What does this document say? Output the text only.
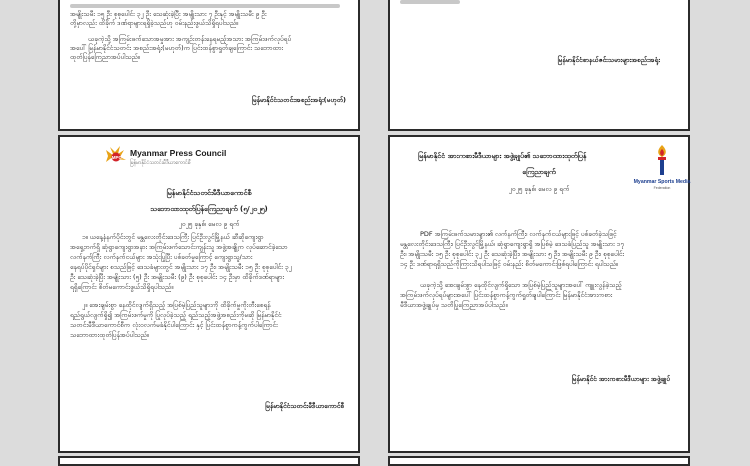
အမျိုးသမီး ၁၅ ဦး စုစုပေါင်း ၃၂ ဦး သေဆုံးခဲ့ပြီး အမျိုးသား ၇ ဦးနှင့် အမျိုးသမီး ၉ ဦး
တို့မှာလည်း ထိခိုက် ဒဏ်ရာများရရှိခဲ့သည်ဟု ဝမ်းနည်းဖွယ်သိရှိရပါသည်။
ယခုကဲ့သို့ အကြမ်းဖက်သောအမှုအား အကျဉ်းတန်းနေရမည့်အသား အကြမ်းဖက်လုပ်ရပ်
အပေါ် မြန်မာနိုင်ငံသတင်း အစည်းအရုံး(မဟုတ်)က ပြင်းထန်စွာရှုတ်ချကြောင်း သဘောထား
ထုတ်ပြန်ကြေညာအပ်ပါသည်။
မြန်မာနိုင်ငံသတင်းအစည်းအရုံး(မဟုတ်)
မြန်မာနိုင်ငံစာနယ်ဇင်းသမားများအစည်းအရုံး
MPC Myanmar Press Council
မြန်မာနိုင်ငံသတင်းမီဒီယာကောင်စီ
မြန်မာနိုင်ငံသတင်းမီဒီယာကောင်စီ
သဘောထားထုတ်ပြန်ကြေညာချက် (၅/၂၀၂၅)
၂၀၂၅ ခုနှစ်၊ မေလ ၉ ရက်
၁။ ယနေ့နံနက်ပိုင်းတွင် မန္တလေးတိုင်းဒေသကြီး ပြင်ဦးလွင်မြို့နယ် ဆီဆိုကျေးရွာ
အရှေ့ဘက်ရှိ ဆုံရွာကျေးရွာအနား အကြမ်းဖက်သောင်းကျန်းသူ အဖွဲ့အချို့က လုပ်ဆောင်ခဲ့သော
လက်နက်ကြီး လက်နက်ငယ်များ အသုံးပြုပြီး ပစ်ခတ်မှုကြောင့် ကျေးရွာသူ/သား
နေရပ်ပိုင်ရှင်များ စသည်ဖြင့် ဒေသခံများတွင် အမျိုးသား ၁၇ ဦး၊ အမျိုးသမီး ၁၅ ဦး စုစုပေါင်း ၃၂
ဦး သေဆုံးခဲ့ပြီး အမျိုးသား (၅) ဦး အမျိုးသမီး (၉) ဦး စုစုပေါင်း ၁၄ ဦးမှာ ထိခိုက်ဒဏ်ရာများ
ရရှိကြောင်း စိတ်မကောင်းဖွယ်သိရှိရပါသည်။
၂။ အေးချမ်းစွာ နေထိုင်လျက်ရှိသည့် အပြစ်မဲ့ပြည်သူများကို ထိခိုက်မှုကိုးတီးစေရန်
ရည်ရွယ်လျက်ရှိ၍ အကြမ်းဖက်မှုကို ပြုလုပ်ခဲ့သည့် ရည်သည့်အဖွဲ့အစည်းကိုမဆို မြန်မာနိုင်ငံ
သတင်းမီဒီယာကောင်စီက လုံးဝလက်မခံနိုင်ပါကြောင်း နှင့် ပြင်းထန်စွာကန့်ကွက်ပါကြောင်း
သဘောထားထုတ်ပြန်အပ်ပါသည်။
မြန်မာနိုင်ငံသတင်းမီဒီယာကောင်စီ
Myanmar Sports Media
Federation
မြန်မာနိုင်ငံ အားကစားမီဒီယာများ အဖွဲ့ချုပ်၏ သဘောထားထုတ်ပြန်
ကြေညာချက်
၂၀၂၅ ခုနှစ်၊ မေလ ၉ ရက်
PDF အကြမ်းဖက်သမားများ၏ လက်နက်ကြီး၊ လက်နက်ငယ်များဖြင့် ပစ်ခတ်ခဲ့သဖြင့်
မန္တလေးတိုင်းဒေသကြီး၊ ပြင်ဦးလွင်မြို့နယ်၊ ဆုံရွာကျေးရွာရှိ အပြစ်မဲ့ ဒေသခံပြည်သူ အမျိုးသား ၁၇
ဦး၊ အမျိုးသမီး ၁၅ ဦး စုစုပေါင်း ၃၂ ဦး သေဆုံးခဲ့ပြီး၊ အမျိုးသား ၅ ဦး၊ အမျိုးသမီး ၉ ဦး၊ စုစုပေါင်း
၁၄ ဦး ဒဏ်ရာရရှိသည်ကိုကြားသိရပါသဖြင့် ဝမ်းနည်း စိတ်မကောင်းဖြစ်ရပါကြောင်း ရပါသည်။
ယခုကဲ့သို့ အေးချမ်းစွာ နေထိုင်လျက်ရှိသော အပြစ်မဲ့ပြည်သူများအပေါ် ကျူးလွန်ခဲ့သည့်
အကြမ်းဖက်လုပ်ရပ်များအပေါ် ပြင်းထန်စွာကန့်ကွက်ရှုတ်ချပါကြောင်း မြန်မာနိုင်ငံအားကစား
မီဒီယာအဖွဲ့ချုပ်မှ သတိပြုကြေညာအပ်ပါသည်။
မြန်မာနိုင်ငံ အားကစားမီဒီယာများ အဖွဲ့ချုပ်
